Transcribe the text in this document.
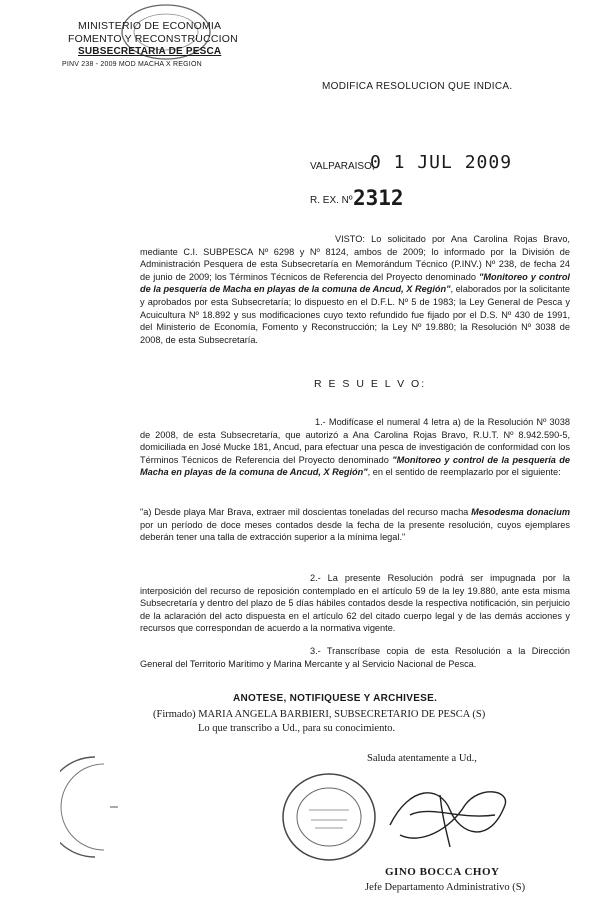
MINISTERIO DE ECONOMIA
FOMENTO Y RECONSTRUCCION
SUBSECRETARIA DE PESCA
PINV 238 - 2009 MOD MACHA X REGION
MODIFICA RESOLUCION QUE INDICA.
VALPARAISO,
0 1 JUL 2009
R. EX. Nº 2312
VISTO: Lo solicitado por Ana Carolina Rojas Bravo, mediante C.I. SUBPESCA Nº 6298 y Nº 8124, ambos de 2009; lo informado por la División de Administración Pesquera de esta Subsecretaría en Memorándum Técnico (P.INV.) Nº 238, de fecha 24 de junio de 2009; los Términos Técnicos de Referencia del Proyecto denominado "Monitoreo y control de la pesquería de Macha en playas de la comuna de Ancud, X Región", elaborados por la solicitante y aprobados por esta Subsecretaría; lo dispuesto en el D.F.L. Nº 5 de 1983; la Ley General de Pesca y Acuicultura Nº 18.892 y sus modificaciones cuyo texto refundido fue fijado por el D.S. Nº 430 de 1991, del Ministerio de Economía, Fomento y Reconstrucción; la Ley Nº 19.880; la Resolución Nº 3038 de 2008, de esta Subsecretaría.
R E S U E L V O:
1.- Modifícase el numeral 4 letra a) de la Resolución Nº 3038 de 2008, de esta Subsecretaría, que autorizó a Ana Carolina Rojas Bravo, R.U.T. Nº 8.942.590-5, domiciliada en José Mucke 181, Ancud, para efectuar una pesca de investigación de conformidad con los Términos Técnicos de Referencia del Proyecto denominado "Monitoreo y control de la pesquería de Macha en playas de la comuna de Ancud, X Región", en el sentido de reemplazarlo por el siguiente:
"a) Desde playa Mar Brava, extraer mil doscientas toneladas del recurso macha Mesodesma donacium por un período de doce meses contados desde la fecha de la presente resolución, cuyos ejemplares deberán tener una talla de extracción superior a la mínima legal."
2.- La presente Resolución podrá ser impugnada por la interposición del recurso de reposición contemplado en el artículo 59 de la ley 19.880, ante esta misma Subsecretaría y dentro del plazo de 5 días hábiles contados desde la respectiva notificación, sin perjuicio de la aclaración del acto dispuesta en el artículo 62 del citado cuerpo legal y de las demás acciones y recursos que correspondan de acuerdo a la normativa vigente.
3.- Transcríbase copia de esta Resolución a la Dirección General del Territorio Marítimo y Marina Mercante y al Servicio Nacional de Pesca.
ANOTESE, NOTIFIQUESE Y ARCHIVESE.
(Firmado) MARIA ANGELA BARBIERI, SUBSECRETARIO DE PESCA (S)
Lo que transcribo a Ud., para su conocimiento.
Saluda atentamente a Ud.,
GINO BOCCA CHOY
Jefe Departamento Administrativo (S)
